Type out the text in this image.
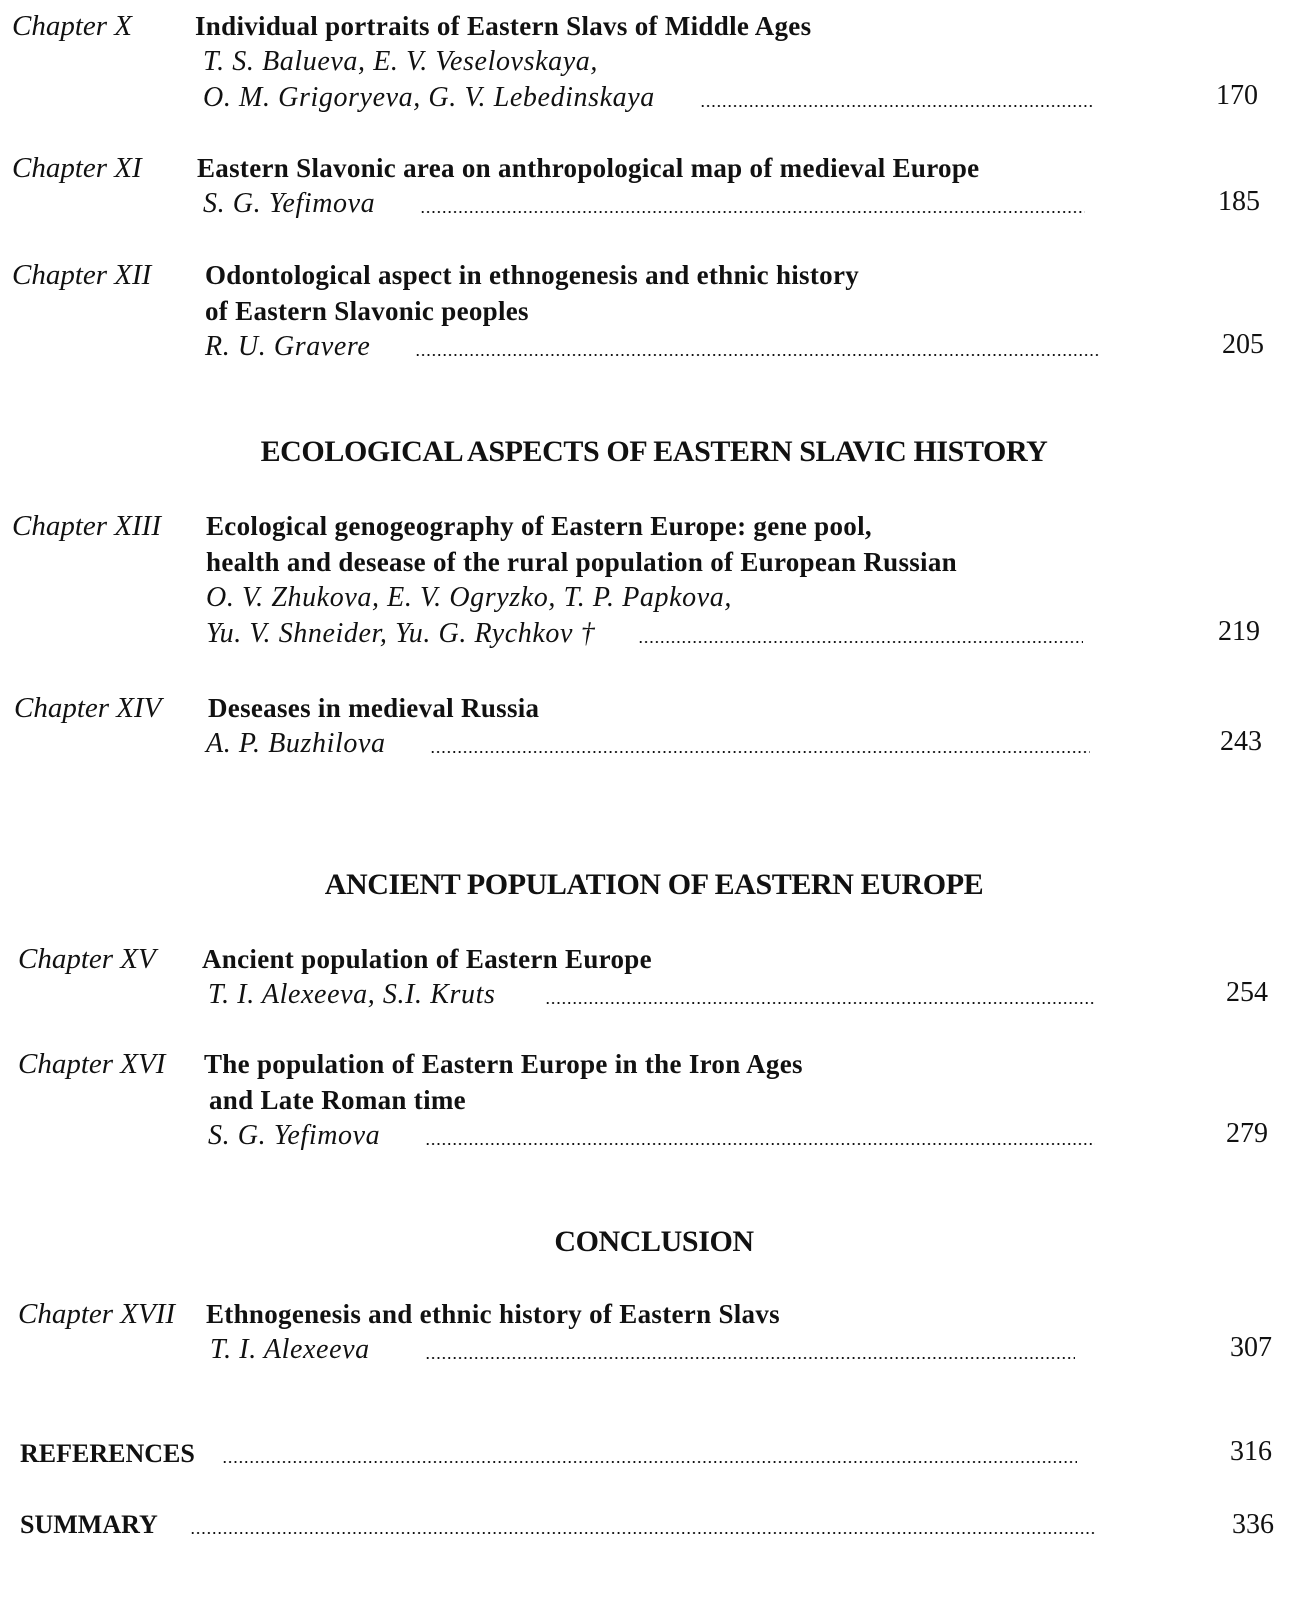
Chapter X Individual portraits of Eastern Slavs of Middle Ages
T. S. Balueva, E. V. Veselovskaya,
O. M. Grigoryeva, G. V. Lebedinskaya	170
Chapter XI Eastern Slavonic area on anthropological map of medieval Europe
S. G. Yefimova	185
Chapter XII Odontological aspect in ethnogenesis and ethnic history
of Eastern Slavonic peoples
R. U. Gravere	205
ECOLOGICAL ASPECTS OF EASTERN SLAVIC HISTORY
Chapter XIII Ecological genogeography of Eastern Europe: gene pool,
health and desease of the rural population of European Russian
O. V. Zhukova, E. V. Ogryzko, T. P. Papkova,
Yu. V. Shneider, Yu. G. Rychkov †	219
Chapter XIV Deseases in medieval Russia
A. P. Buzhilova	243
ANCIENT POPULATION OF EASTERN EUROPE
Chapter XV Ancient population of Eastern Europe
T. I. Alexeeva, S.I. Kruts	254
Chapter XVI The population of Eastern Europe in the Iron Ages
and Late Roman time
S. G. Yefimova	279
CONCLUSION
Chapter XVII Ethnogenesis and ethnic history of Eastern Slavs
T. I. Alexeeva	307
REFERENCES	316
SUMMARY	336
